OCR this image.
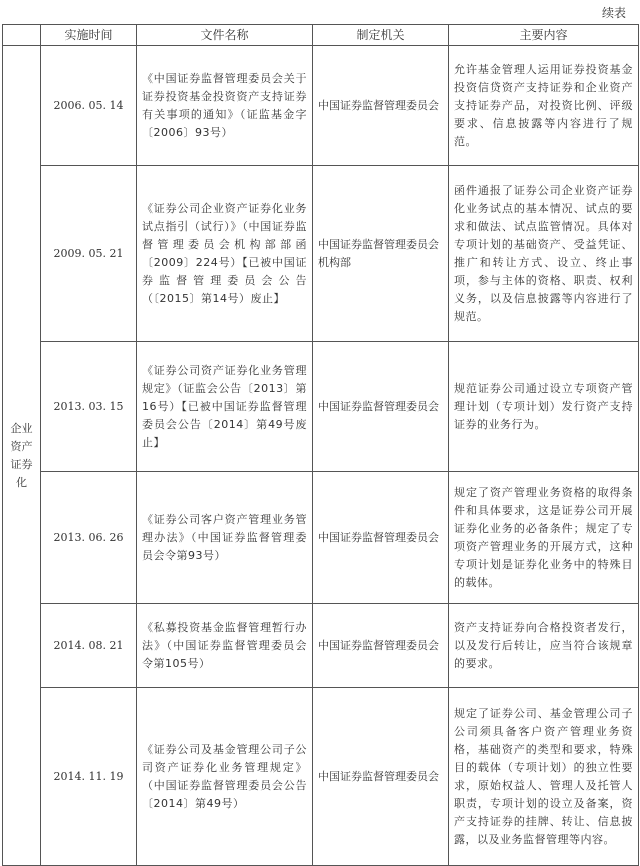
续表
	实施时间	文件名称	制定机关	主要内容
企业资产证券化	2006. 05. 14	《中国证券监督管理委员会关于证券投资基金投资资产支持证券有关事项的通知》（证监基金字〔2006〕93号）	中国证券监督管理委员会	允许基金管理人运用证券投资基金投资信贷资产支持证券和企业资产支持证券产品，对投资比例、评级要求、信息披露等内容进行了规范。
	2009. 05. 21	《证券公司企业资产证券化业务试点指引（试行）》（中国证券监督管理委员会机构部部函〔2009〕224号）【已被中国证券监督管理委员会公告（〔2015〕第14号）废止】	中国证券监督管理委员会机构部	函件通报了证券公司企业资产证券化业务试点的基本情况、试点的要求和做法、试点监管情况。具体对专项计划的基础资产、受益凭证、推广和转让方式、设立、终止事项，参与主体的资格、职责、权利义务，以及信息披露等内容进行了规范。
	2013. 03. 15	《证券公司资产证券化业务管理规定》（证监会公告〔2013〕第16号）【已被中国证券监督管理委员会公告〔2014〕第49号废止】	中国证券监督管理委员会	规范证券公司通过设立专项资产管理计划（专项计划）发行资产支持证券的业务行为。
	2013. 06. 26	《证券公司客户资产管理业务管理办法》（中国证券监督管理委员会令第93号）	中国证券监督管理委员会	规定了资产管理业务资格的取得条件和具体要求，这是证券公司开展证券化业务的必备条件；规定了专项资产管理业务的开展方式，这种专项计划是证券化业务中的特殊目的载体。
	2014. 08. 21	《私募投资基金监督管理暂行办法》（中国证券监督管理委员会令第105号）	中国证券监督管理委员会	资产支持证券向合格投资者发行，以及发行后转让，应当符合该规章的要求。
	2014. 11. 19	《证券公司及基金管理公司子公司资产证券化业务管理规定》（中国证券监督管理委员会公告〔2014〕第49号）	中国证券监督管理委员会	规定了证券公司、基金管理公司子公司须具备客户资产管理业务资格，基础资产的类型和要求，特殊目的载体（专项计划）的独立性要求，原始权益人、管理人及托管人职责，专项计划的设立及备案，资产支持证券的挂牌、转让、信息披露，以及业务监督管理等内容。
